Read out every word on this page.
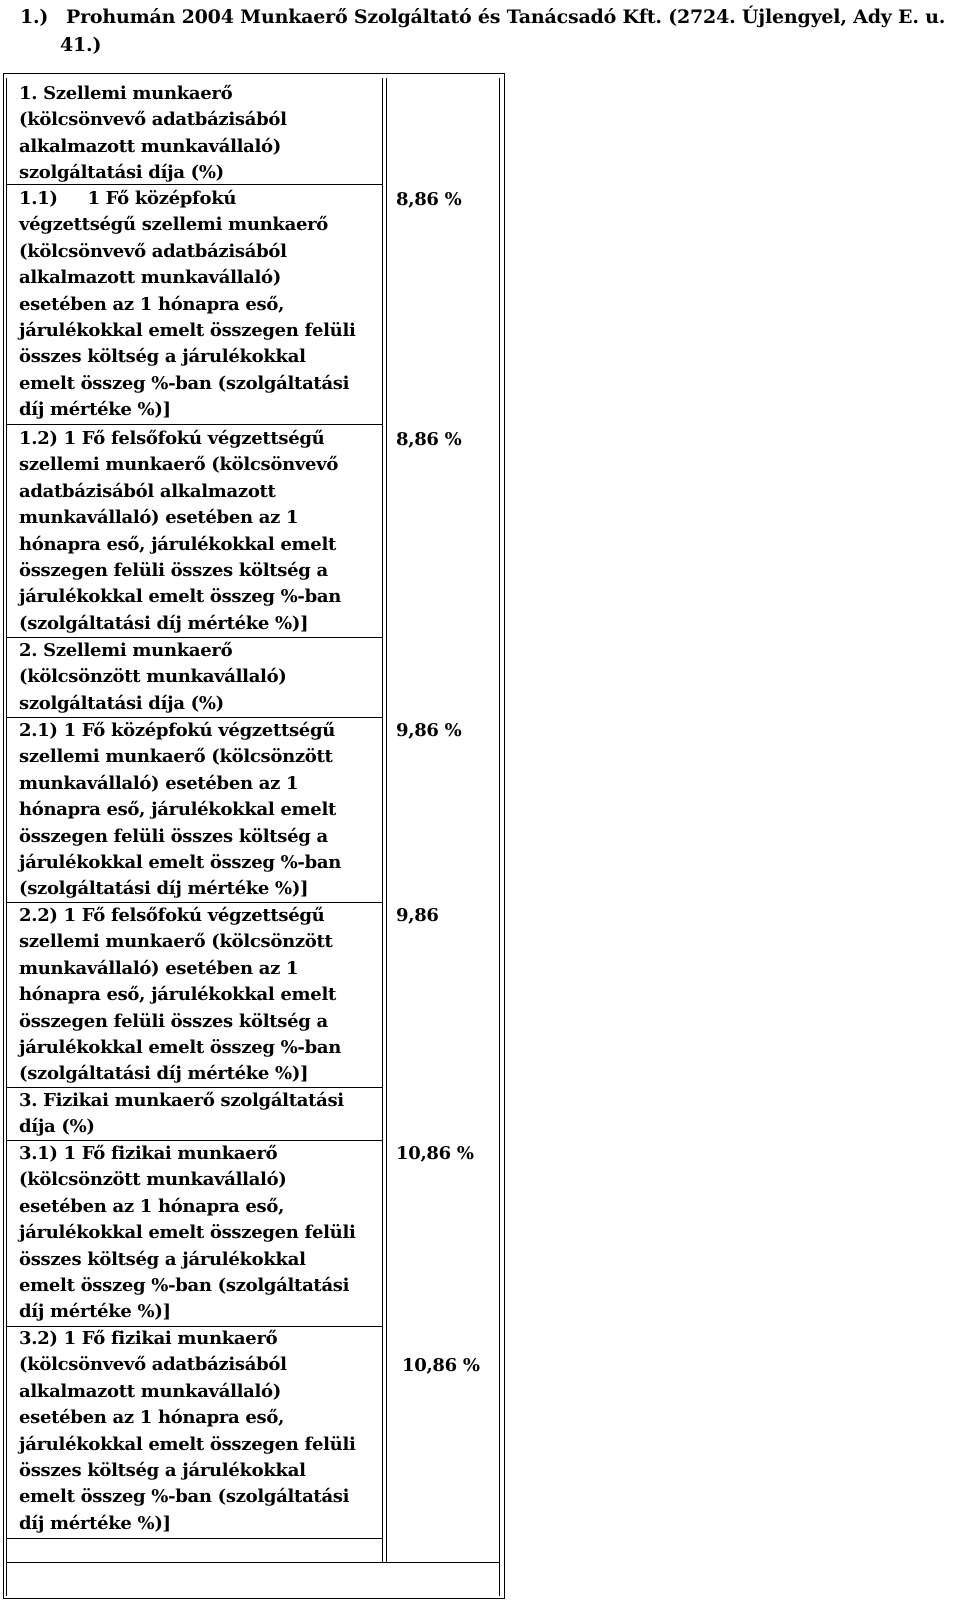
1.) Prohumán 2004 Munkaerő Szolgáltató és Tanácsadó Kft. (2724. Újlengyel, Ady E. u.
41.)
1. Szellemi munkaerő
(kölcsönvevő adatbázisából
alkalmazott munkavállaló)
szolgáltatási díja (%)
1.1)     1 Fő középfokú
végzettségű szellemi munkaerő
(kölcsönvevő adatbázisából
alkalmazott munkavállaló)
esetében az 1 hónapra eső,
járulékokkal emelt összegen felüli
összes költség a járulékokkal
emelt összeg %-ban (szolgáltatási
díj mértéke %)]
8,86 %
1.2) 1 Fő felsőfokú végzettségű
szellemi munkaerő (kölcsönvevő
adatbázisából alkalmazott
munkavállaló) esetében az 1
hónapra eső, járulékokkal emelt
összegen felüli összes költség a
járulékokkal emelt összeg %-ban
(szolgáltatási díj mértéke %)]
8,86 %
2. Szellemi munkaerő
(kölcsönzött munkavállaló)
szolgáltatási díja (%)
2.1) 1 Fő középfokú végzettségű
szellemi munkaerő (kölcsönzött
munkavállaló) esetében az 1
hónapra eső, járulékokkal emelt
összegen felüli összes költség a
járulékokkal emelt összeg %-ban
(szolgáltatási díj mértéke %)]
9,86 %
2.2) 1 Fő felsőfokú végzettségű
szellemi munkaerő (kölcsönzött
munkavállaló) esetében az 1
hónapra eső, járulékokkal emelt
összegen felüli összes költség a
járulékokkal emelt összeg %-ban
(szolgáltatási díj mértéke %)]
9,86
3. Fizikai munkaerő szolgáltatási
díja (%)
3.1) 1 Fő fizikai munkaerő
(kölcsönzött munkavállaló)
esetében az 1 hónapra eső,
járulékokkal emelt összegen felüli
összes költség a járulékokkal
emelt összeg %-ban (szolgáltatási
díj mértéke %)]
10,86 %
3.2) 1 Fő fizikai munkaerő
(kölcsönvevő adatbázisából
alkalmazott munkavállaló)
esetében az 1 hónapra eső,
járulékokkal emelt összegen felüli
összes költség a járulékokkal
emelt összeg %-ban (szolgáltatási
díj mértéke %)]
10,86 %
